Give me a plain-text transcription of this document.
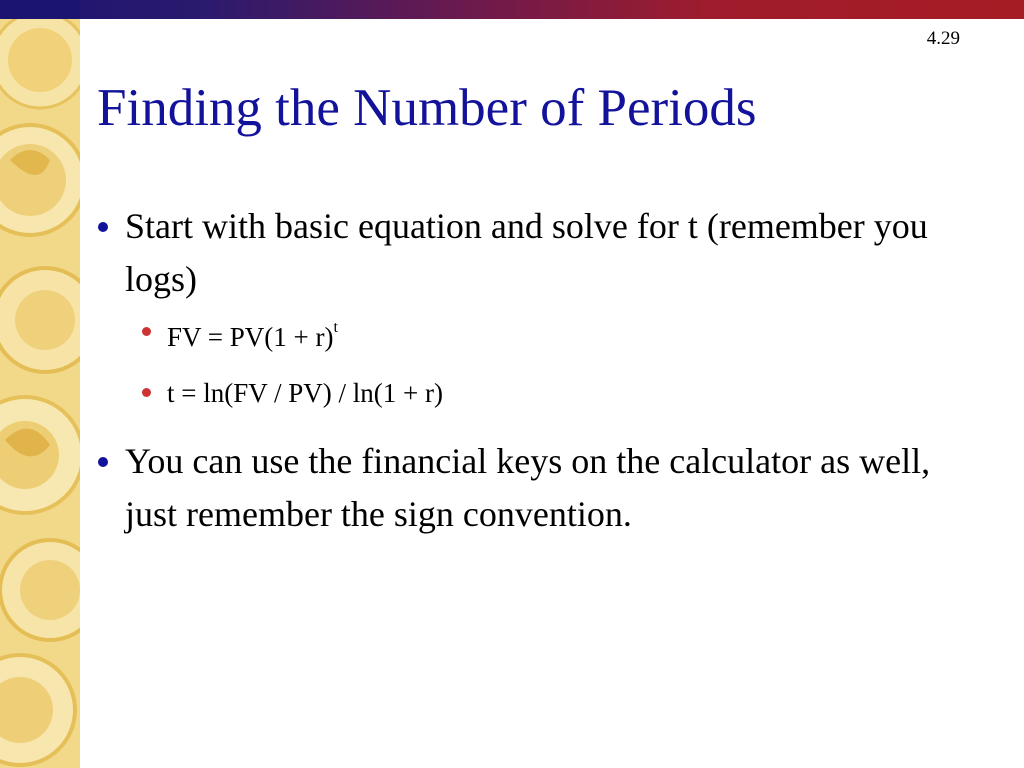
4.29
Finding the Number of Periods
Start with basic equation and solve for t (remember you logs)
FV = $PV(1 + r)^t$
t = ln(FV / PV) / ln(1 + r)
You can use the financial keys on the calculator as well, just remember the sign convention.
